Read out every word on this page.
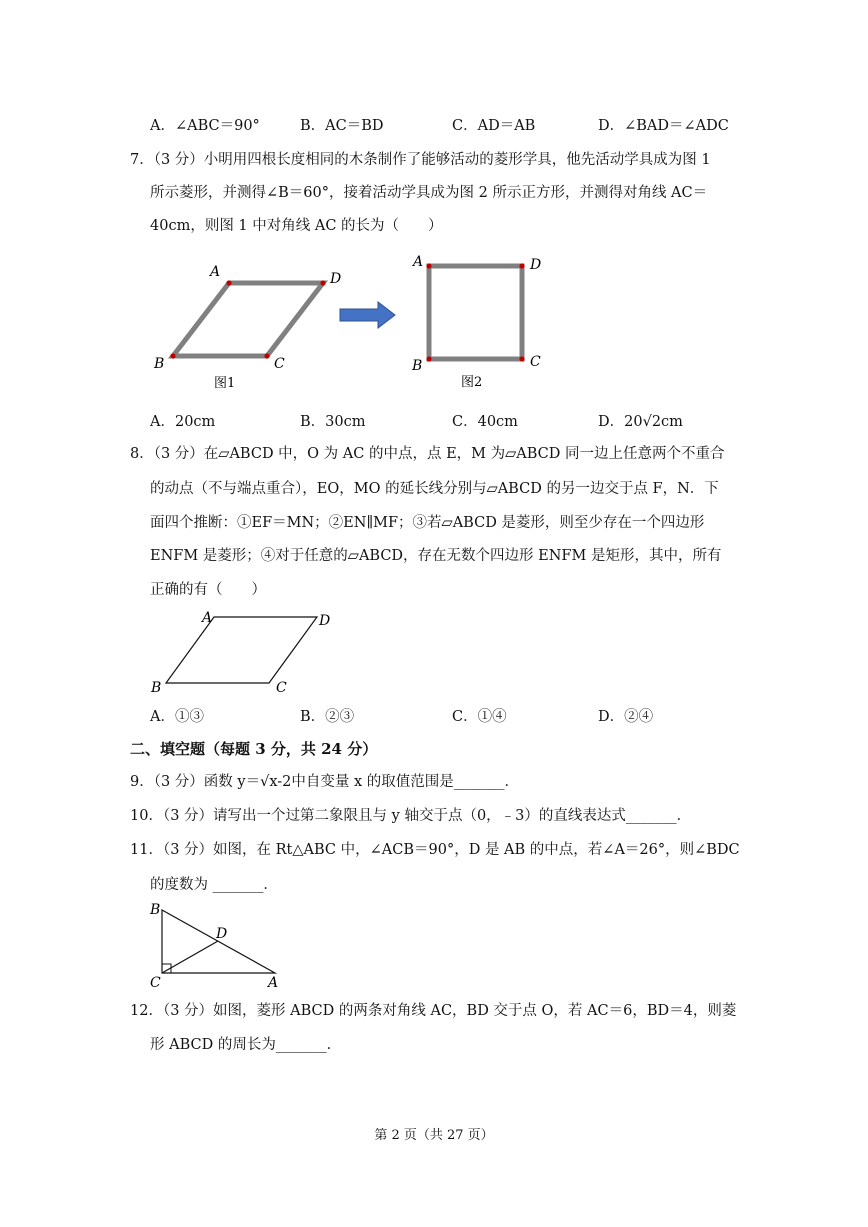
A．∠ABC＝90°	B．AC＝BD	C．AD＝AB	D．∠BAD＝∠ADC
7．（3 分）小明用四根长度相同的木条制作了能够活动的菱形学具，他先活动学具成为图 1
所示菱形，并测得∠B＝60°，接着活动学具成为图 2 所示正方形，并测得对角线 AC＝
40cm，则图 1 中对角线 AC 的长为（　　）
A	D
B	C
图1
A	D
B	C
图2
A．20cm	B．30cm	C．40cm	D．20√2cm
8．（3 分）在▱ABCD 中，O 为 AC 的中点，点 E，M 为▱ABCD 同一边上任意两个不重合
的动点（不与端点重合），EO，MO 的延长线分别与▱ABCD 的另一边交于点 F，N．下
面四个推断：①EF＝MN；②EN∥MF；③若▱ABCD 是菱形，则至少存在一个四边形
ENFM 是菱形；④对于任意的▱ABCD，存在无数个四边形 ENFM 是矩形，其中，所有
正确的有（　　）
A	D
B	C
A．①③	B．②③	C．①④	D．②④
二、填空题（每题 3 分，共 24 分）
9．（3 分）函数 y＝√x-2中自变量 x 的取值范围是_______．
10．（3 分）请写出一个过第二象限且与 y 轴交于点（0，﹣3）的直线表达式_______．
11．（3 分）如图，在 Rt△ABC 中，∠ACB＝90°，D 是 AB 的中点，若∠A＝26°，则∠BDC
的度数为 _______．
B
D
C	A
12．（3 分）如图，菱形 ABCD 的两条对角线 AC，BD 交于点 O，若 AC＝6，BD＝4，则菱
形 ABCD 的周长为_______．
第 2 页（共 27 页）
